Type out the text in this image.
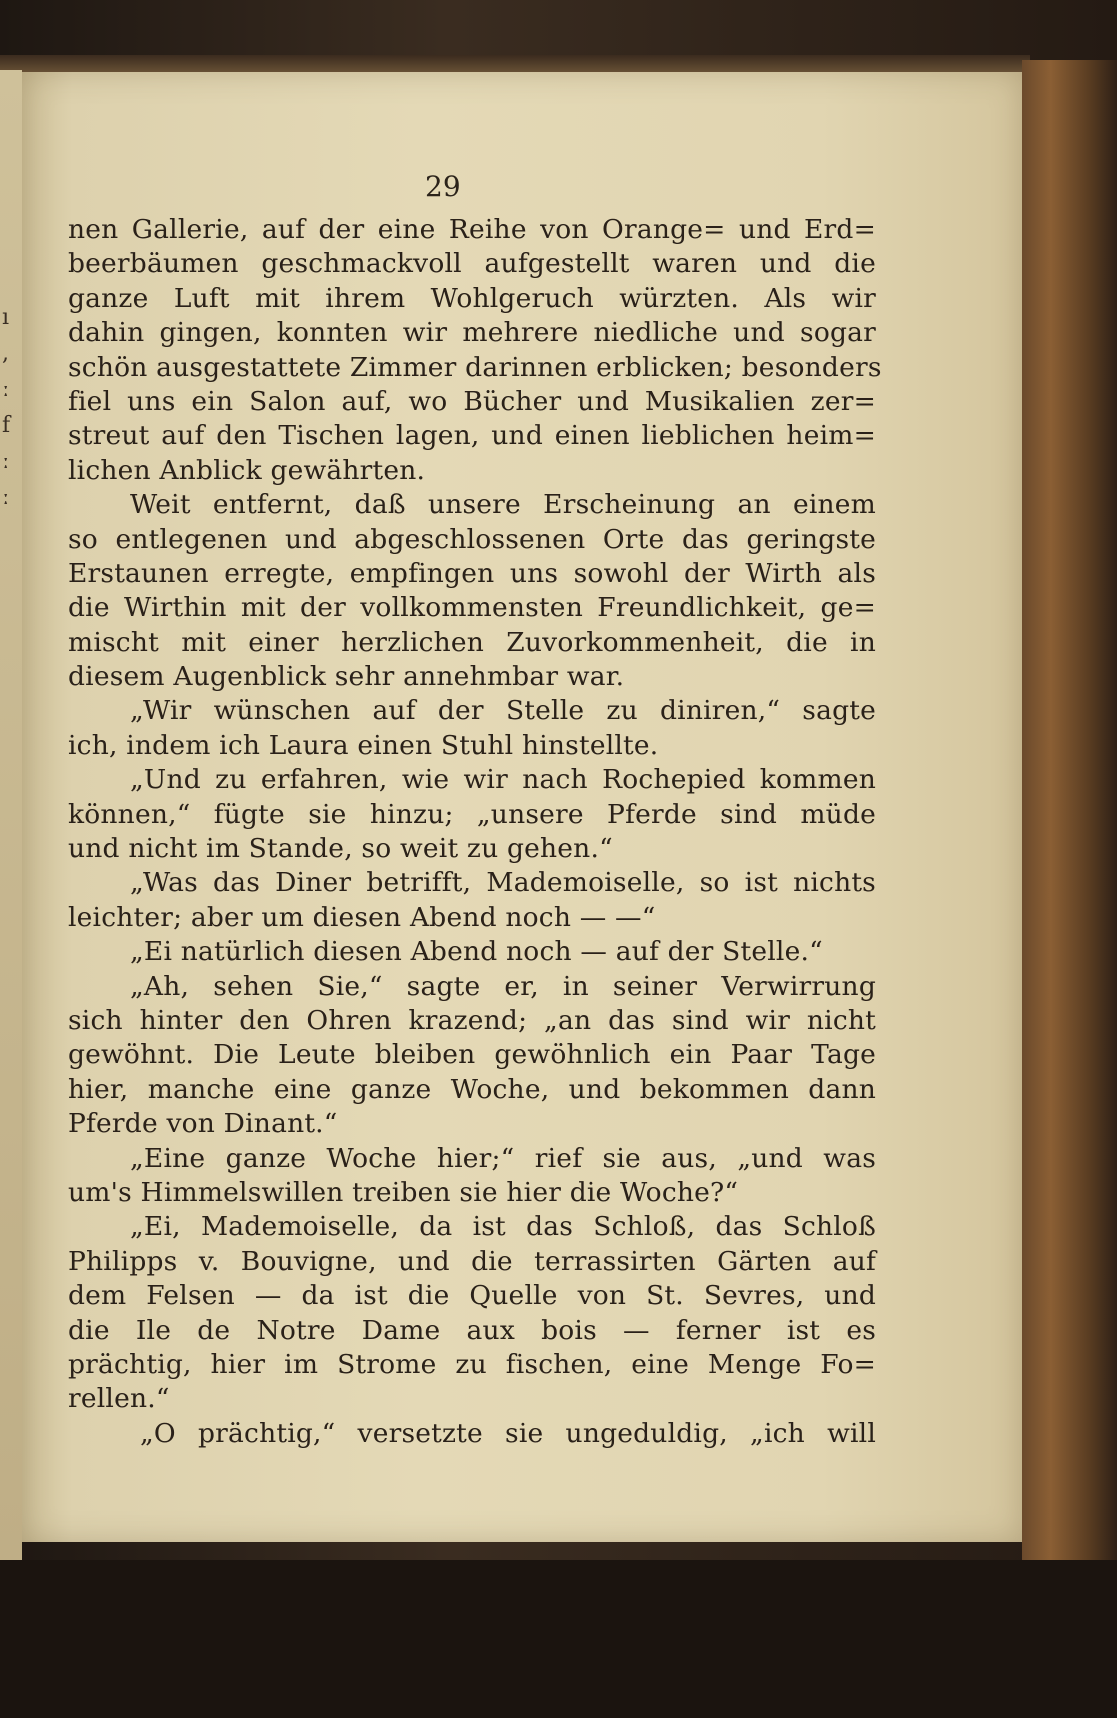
ı
,
ː
f
ː
ː
29
nen Gallerie, auf der eine Reihe von Orange= und Erd=
beerbäumen geschmackvoll aufgestellt waren und die
ganze Luft mit ihrem Wohlgeruch würzten. Als wir
dahin gingen, konnten wir mehrere niedliche und sogar
schön ausgestattete Zimmer darinnen erblicken; besonders
fiel uns ein Salon auf, wo Bücher und Musikalien zer=
streut auf den Tischen lagen, und einen lieblichen heim=
lichen Anblick gewährten.
Weit entfernt, daß unsere Erscheinung an einem
so entlegenen und abgeschlossenen Orte das geringste
Erstaunen erregte, empfingen uns sowohl der Wirth als
die Wirthin mit der vollkommensten Freundlichkeit, ge=
mischt mit einer herzlichen Zuvorkommenheit, die in
diesem Augenblick sehr annehmbar war.
„Wir wünschen auf der Stelle zu diniren,“ sagte
ich, indem ich Laura einen Stuhl hinstellte.
„Und zu erfahren, wie wir nach Rochepied kommen
können,“ fügte sie hinzu; „unsere Pferde sind müde
und nicht im Stande, so weit zu gehen.“
„Was das Diner betrifft, Mademoiselle, so ist nichts
leichter; aber um diesen Abend noch — —“
„Ei natürlich diesen Abend noch — auf der Stelle.“
„Ah, sehen Sie,“ sagte er, in seiner Verwirrung
sich hinter den Ohren krazend; „an das sind wir nicht
gewöhnt. Die Leute bleiben gewöhnlich ein Paar Tage
hier, manche eine ganze Woche, und bekommen dann
Pferde von Dinant.“
„Eine ganze Woche hier;“ rief sie aus, „und was
um's Himmelswillen treiben sie hier die Woche?“
„Ei, Mademoiselle, da ist das Schloß, das Schloß
Philipps v. Bouvigne, und die terrassirten Gärten auf
dem Felsen — da ist die Quelle von St. Sevres, und
die Ile de Notre Dame aux bois — ferner ist es
prächtig, hier im Strome zu fischen, eine Menge Fo=
rellen.“
„O prächtig,“ versetzte sie ungeduldig, „ich will
